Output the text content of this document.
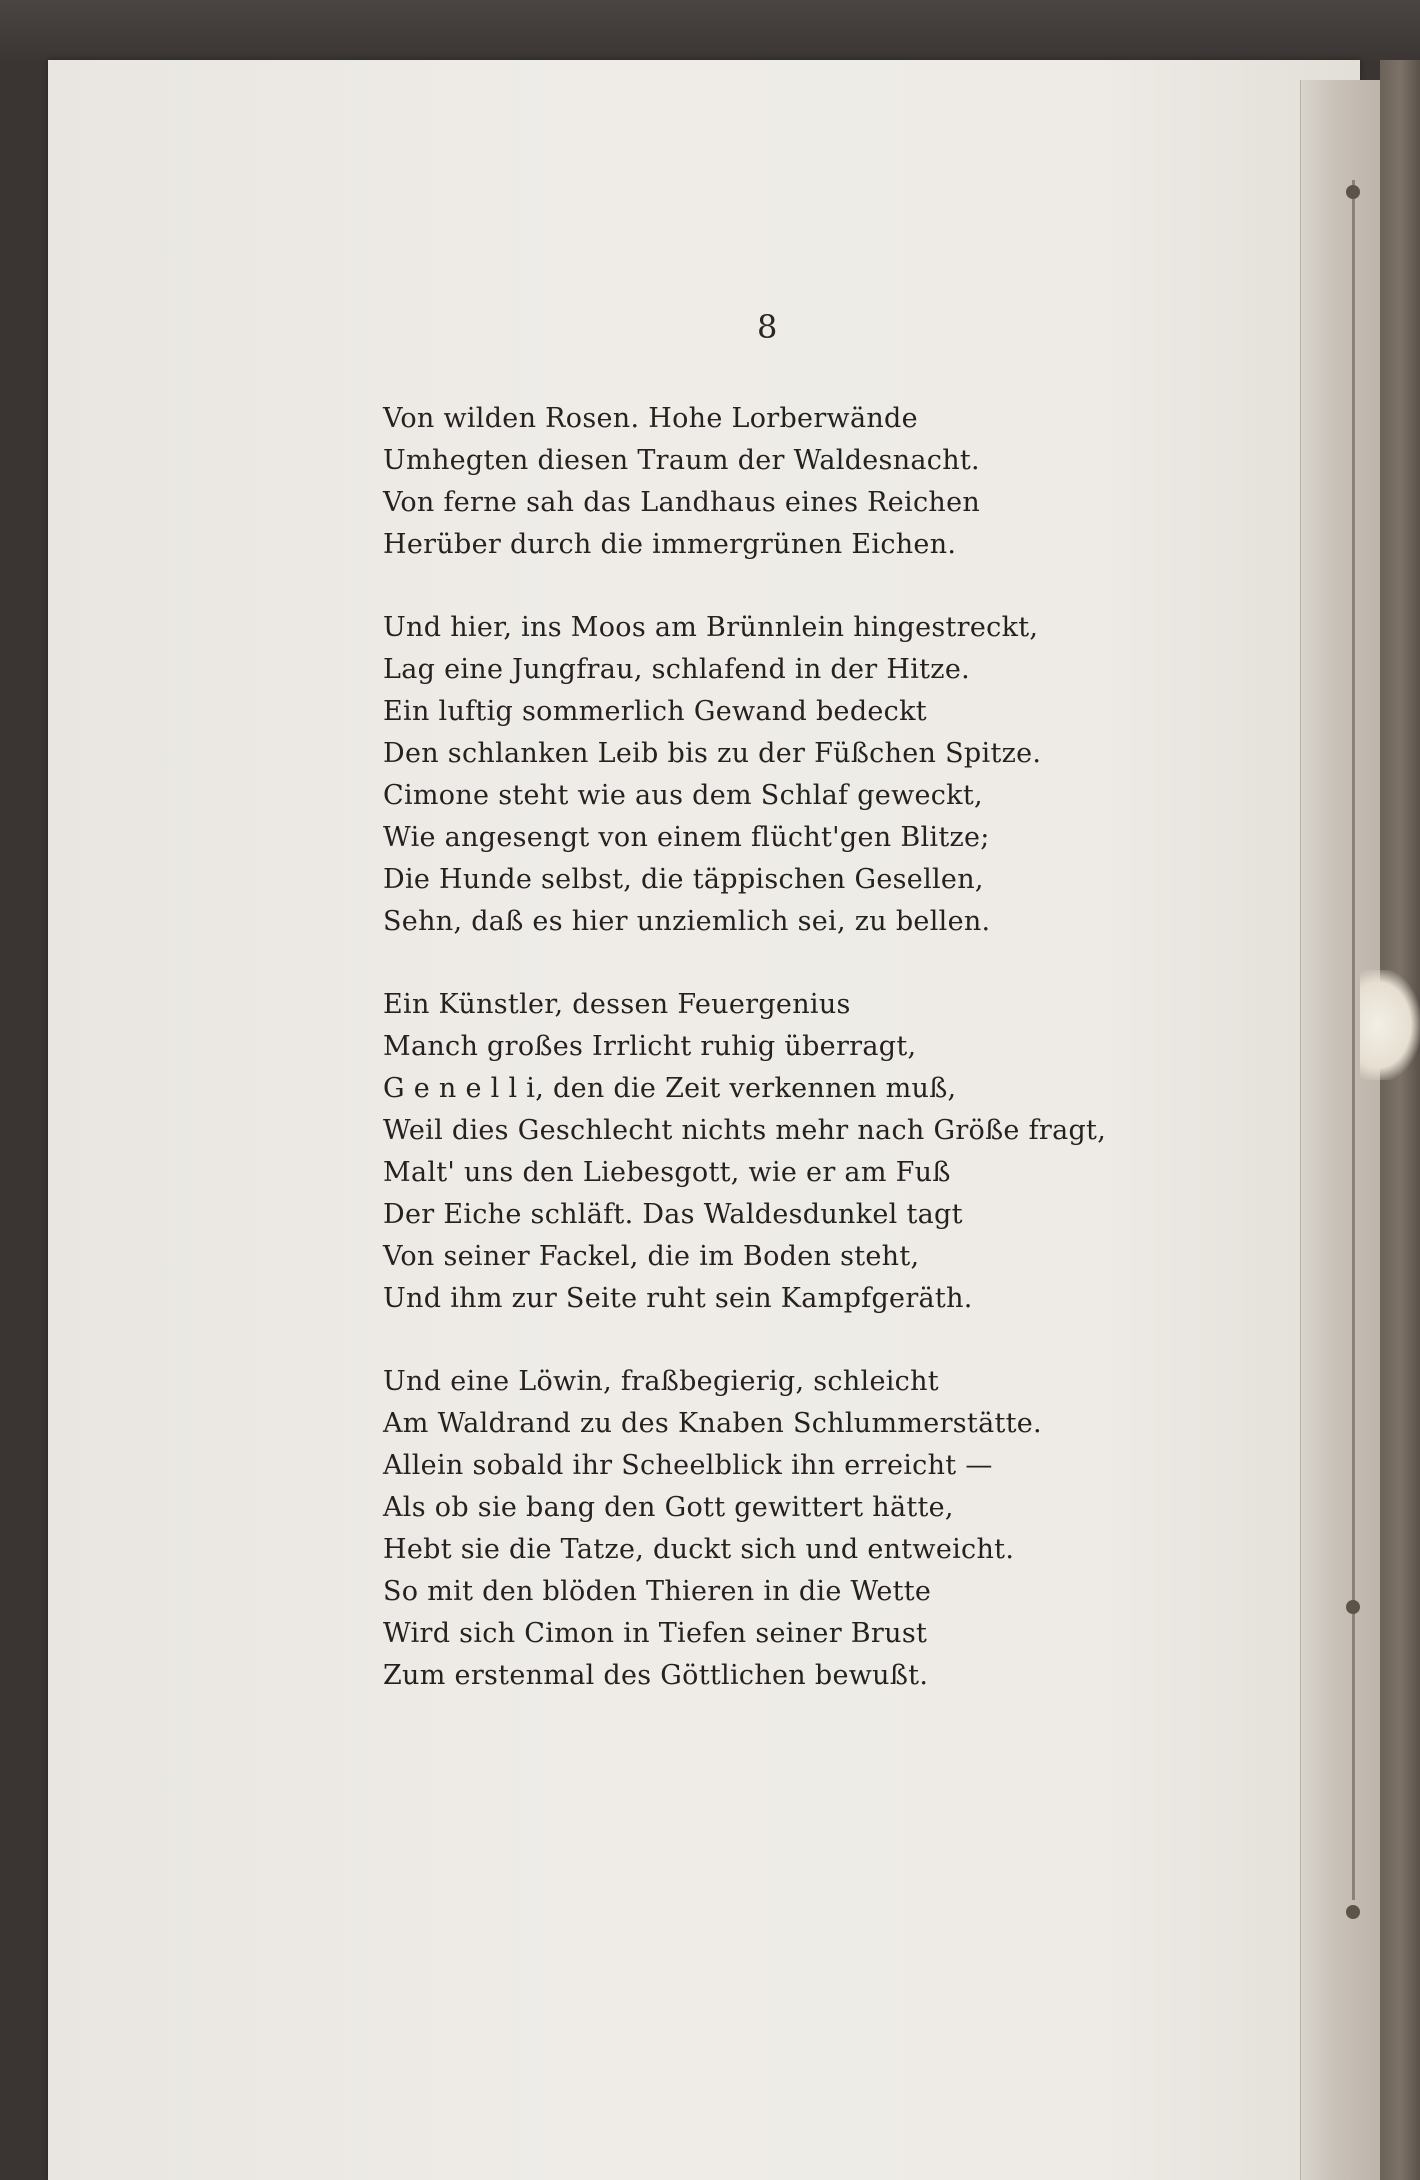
8
Von wilden Rosen. Hohe Lorberwände
Umhegten diesen Traum der Waldesnacht.
Von ferne sah das Landhaus eines Reichen
Herüber durch die immergrünen Eichen.
Und hier, ins Moos am Brünnlein hingestreckt,
Lag eine Jungfrau, schlafend in der Hitze.
Ein luftig sommerlich Gewand bedeckt
Den schlanken Leib bis zu der Füßchen Spitze.
Cimone steht wie aus dem Schlaf geweckt,
Wie angesengt von einem flücht'gen Blitze;
Die Hunde selbst, die täppischen Gesellen,
Sehn, daß es hier unziemlich sei, zu bellen.
Ein Künstler, dessen Feuergenius
Manch großes Irrlicht ruhig überragt,
G e n e l l i, den die Zeit verkennen muß,
Weil dies Geschlecht nichts mehr nach Größe fragt,
Malt' uns den Liebesgott, wie er am Fuß
Der Eiche schläft. Das Waldesdunkel tagt
Von seiner Fackel, die im Boden steht,
Und ihm zur Seite ruht sein Kampfgeräth.
Und eine Löwin, fraßbegierig, schleicht
Am Waldrand zu des Knaben Schlummerstätte.
Allein sobald ihr Scheelblick ihn erreicht —
Als ob sie bang den Gott gewittert hätte,
Hebt sie die Tatze, duckt sich und entweicht.
So mit den blöden Thieren in die Wette
Wird sich Cimon in Tiefen seiner Brust
Zum erstenmal des Göttlichen bewußt.
